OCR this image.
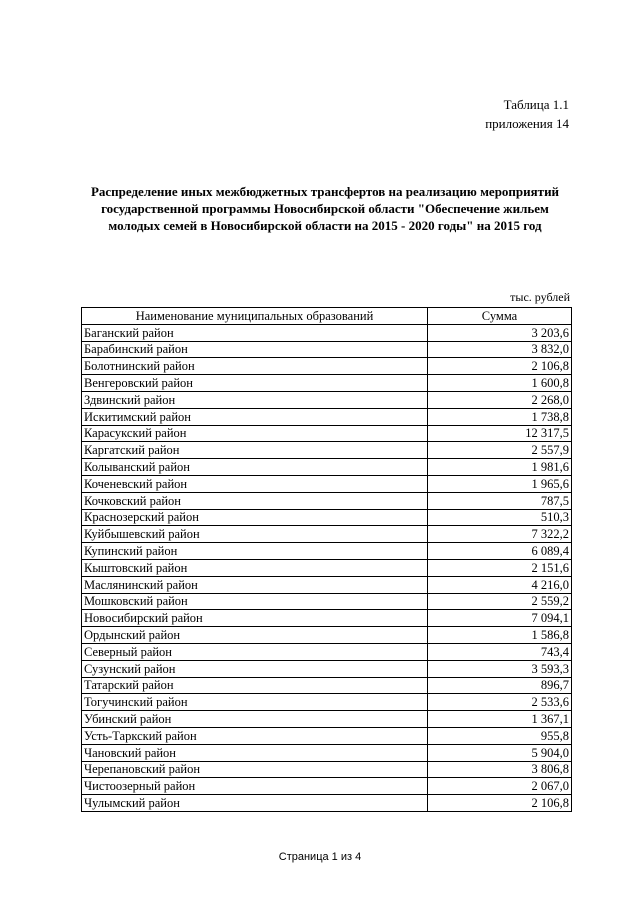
Таблица 1.1
приложения 14
Распределение иных межбюджетных трансфертов на реализацию мероприятий
государственной программы Новосибирской области "Обеспечение жильем
молодых семей в Новосибирской области на 2015 - 2020 годы" на 2015 год
тыс. рублей
Наименование муниципальных образований	Сумма
Баганский район	3 203,6
Барабинский район	3 832,0
Болотнинский район	2 106,8
Венгеровский район	1 600,8
Здвинский район	2 268,0
Искитимский район	1 738,8
Карасукский район	12 317,5
Каргатский район	2 557,9
Колыванский район	1 981,6
Коченевский район	1 965,6
Кочковский район	787,5
Краснозерский район	510,3
Куйбышевский район	7 322,2
Купинский район	6 089,4
Кыштовский район	2 151,6
Маслянинский район	4 216,0
Мошковский район	2 559,2
Новосибирский район	7 094,1
Ордынский район	1 586,8
Северный район	743,4
Сузунский район	3 593,3
Татарский район	896,7
Тогучинский район	2 533,6
Убинский район	1 367,1
Усть-Таркский район	955,8
Чановский район	5 904,0
Черепановский район	3 806,8
Чистоозерный район	2 067,0
Чулымский район	2 106,8
Страница 1 из 4
